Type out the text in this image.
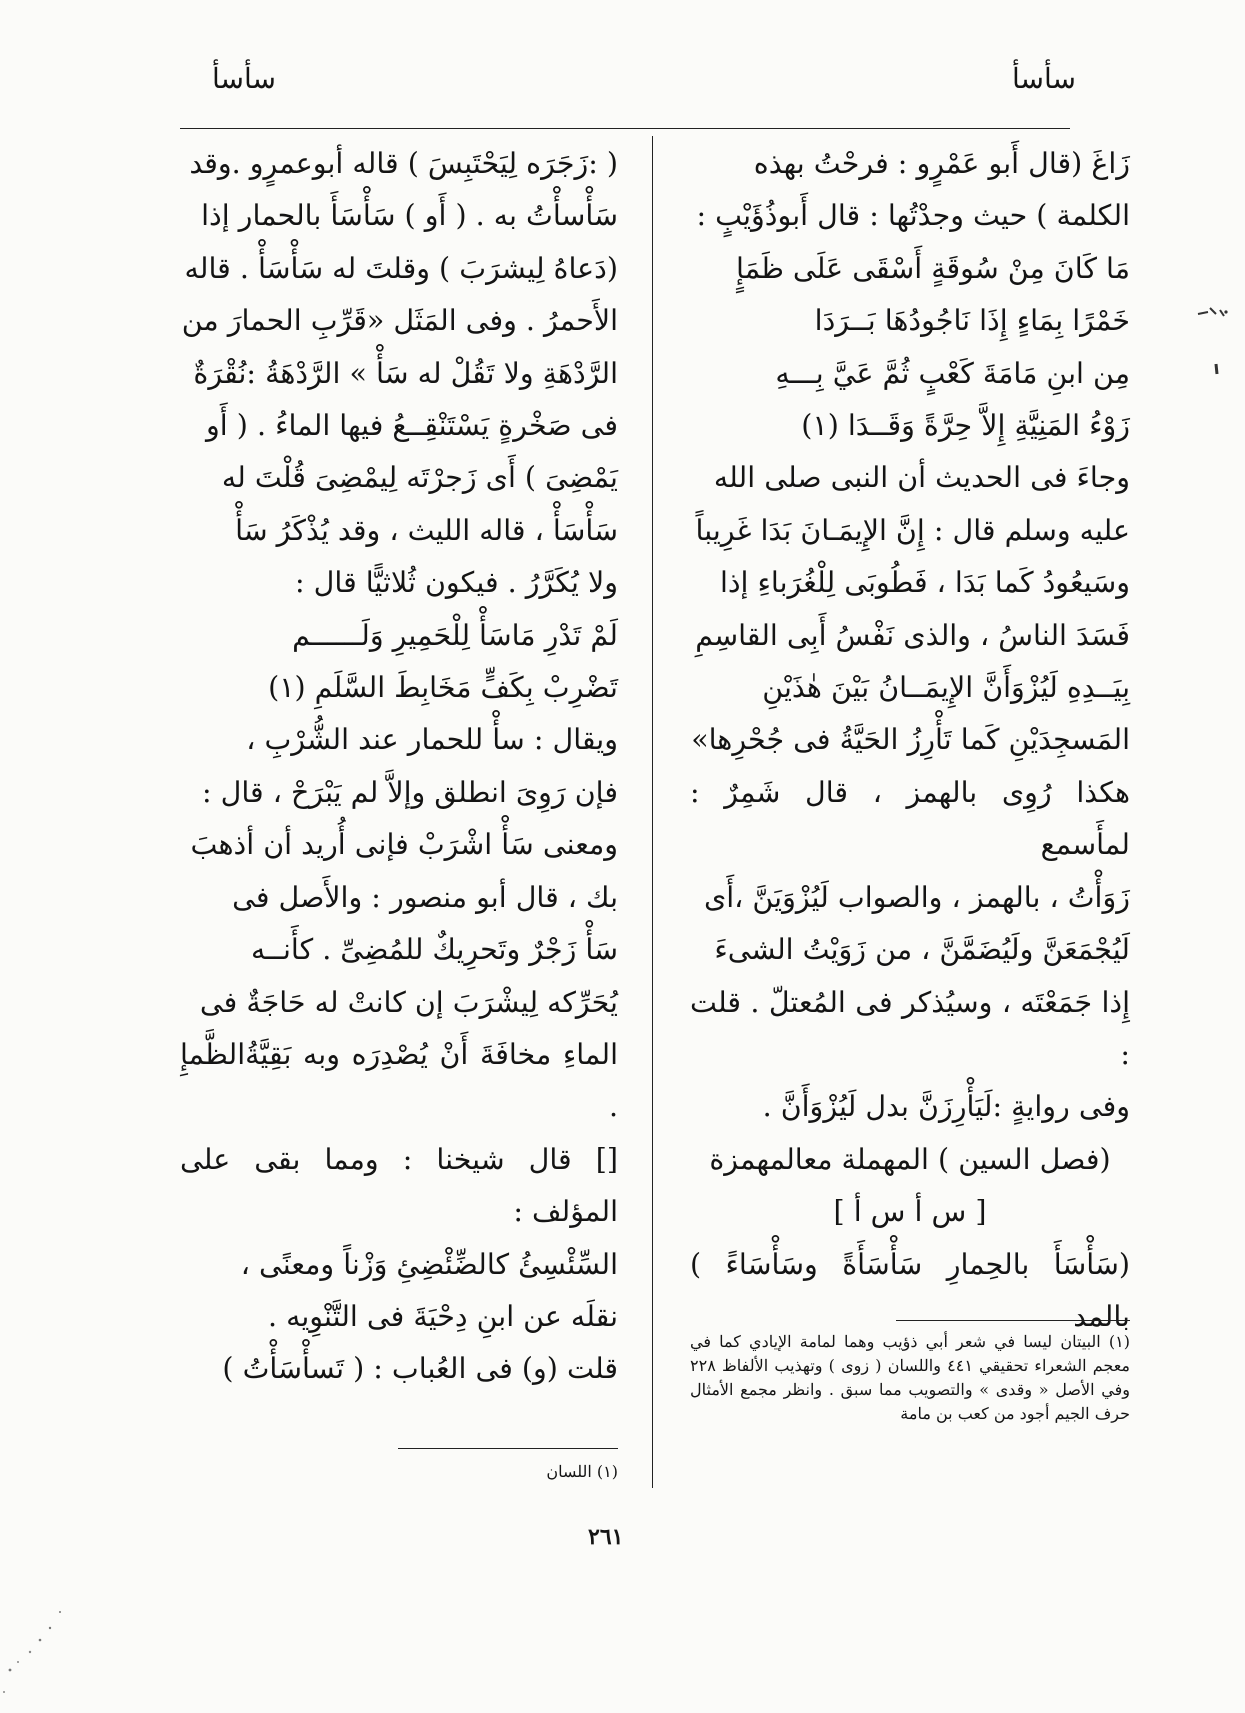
سأسأ
سأسأ

زَاغَ (قال أَبو عَمْرٍو : فرحْتُ بهذه

الكلمة ) حيث وجدْتُها : قال أَبوذُؤَيْبٍ :

مَا كَانَ مِنْ سُوقَةٍ أَسْقَى عَلَى ظَمَإٍ

خَمْرًا بِمَاءٍ إِذَا نَاجُودُهَا بَــرَدَا

مِن ابنِ مَامَةَ كَعْبٍ ثُمَّ عَيَّ بِـــهِ

زَوْءُ المَنِيَّةِ إِلاَّ حِرَّةً وَقَــدَا (١)

وجاءَ فى الحديث أن النبى صلى الله

عليه وسلم قال : إِنَّ الإِيمَـانَ بَدَا غَرِيباً

وسَيعُودُ كَما بَدَا ، فَطُوبَى لِلْغُرَباءِ إذا

فَسَدَ الناسُ ، والذى نَفْسُ أَبِى القاسِمِ

بِيَــدِهِ لَيُزْوَأَنَّ الإِيمَــانُ بَيْنَ هٰذَيْنِ

المَسجِدَيْنِ كَما تَأْرِزُ الحَيَّةُ فى جُحْرِها»

هكذا رُوِى بالهمز ، قال شَمِرٌ : لمأَسمع

زَوَأْتُ ، بالهمز ، والصواب لَيُزْوَيَنَّ ،أَى

لَيُجْمَعَنَّ ولَيُضَمَّنَّ ، من زَوَيْتُ الشىءَ

إِذا جَمَعْتَه ، وسيُذكر فى المُعتلّ . قلت :

وفى روايةٍ :لَيَأْرِزَنَّ بدل لَيُزْوَأَنَّ .

(فصل السين ) المهملة معالمهمزة

[ س أ س أ ]

(سَأْسَأَ بالحِمارِ سَأْسَأَةً وسَأْسَاءً ) بالمد

( :زَجَرَه لِيَحْتَبِسَ ) قاله أبوعمرٍو .وقد

سَأْسأْتُ به . ( أَو ) سَأْسَأَ بالحمار إذا

(دَعاهُ لِيشرَبَ ) وقلتَ له سَأْسَأْ . قاله

الأَحمرُ . وفى المَثَل «قَرِّبِ الحمارَ من

الرَّدْهَةِ ولا تَقُلْ له سَأْ » الرَّدْهَةُ :نُقْرَةٌ

فى صَخْرةٍ يَسْتَنْقِــعُ فيها الماءُ . ( أَو

يَمْضِىَ ) أَى زَجرْتَه لِيمْضِىَ قُلْتَ له

سَأْسَأْ ، قاله الليث ، وقد يُذْكَرُ سَأْ

ولا يُكَرَّرُ . فيكون ثُلاثيًّا قال :

لَمْ تَدْرِ مَاسَأْ لِلْحَمِيرِ وَلَــــــم

تَضْرِبْ بِكَفٍّ مَخَابِطَ السَّلَمِ (١)

ويقال : سأْ للحمار عند الشُّرْبِ ،

فإن رَوِىَ انطلق وإلاَّ لم يَبْرَحْ ، قال :

ومعنى سَأْ اشْرَبْ فإنى أُريد أن أذهبَ

بك ، قال أبو منصور : والأَصل فى

سَأْ زَجْرٌ وتَحرِيكٌ للمُضِىِّ . كأَنــه

يُحَرِّكه لِيشْرَبَ إن كانتْ له حَاجَةٌ فى

الماءِ مخافَةَ أَنْ يُصْدِرَه وبه بَقِيَّةُالظَّمإِ .

[] قال شيخنا : ومما بقى على المؤلف :

السِّئْسِئُ كالضِّئْضِئِ وَزْناً ومعنًى ،

نقلَه عن ابنِ دِحْيَةَ فى التَّنْوِيه .

قلت (و) فى العُباب : ( تَسأْسَأْتُ )

(١) البيتان ليسا في شعر أبي ذؤيب وهما لمامة الإيادي كما في معجم الشعراء تحقيقي ٤٤١ واللسان ( زوى ) وتهذيب الألفاظ ٢٢٨ وفي الأصل « وقدى » والتصويب مما سبق . وانظر مجمع الأمثال حرف الجيم أجود من كعب بن مامة
(١) اللسان
٢٦١
